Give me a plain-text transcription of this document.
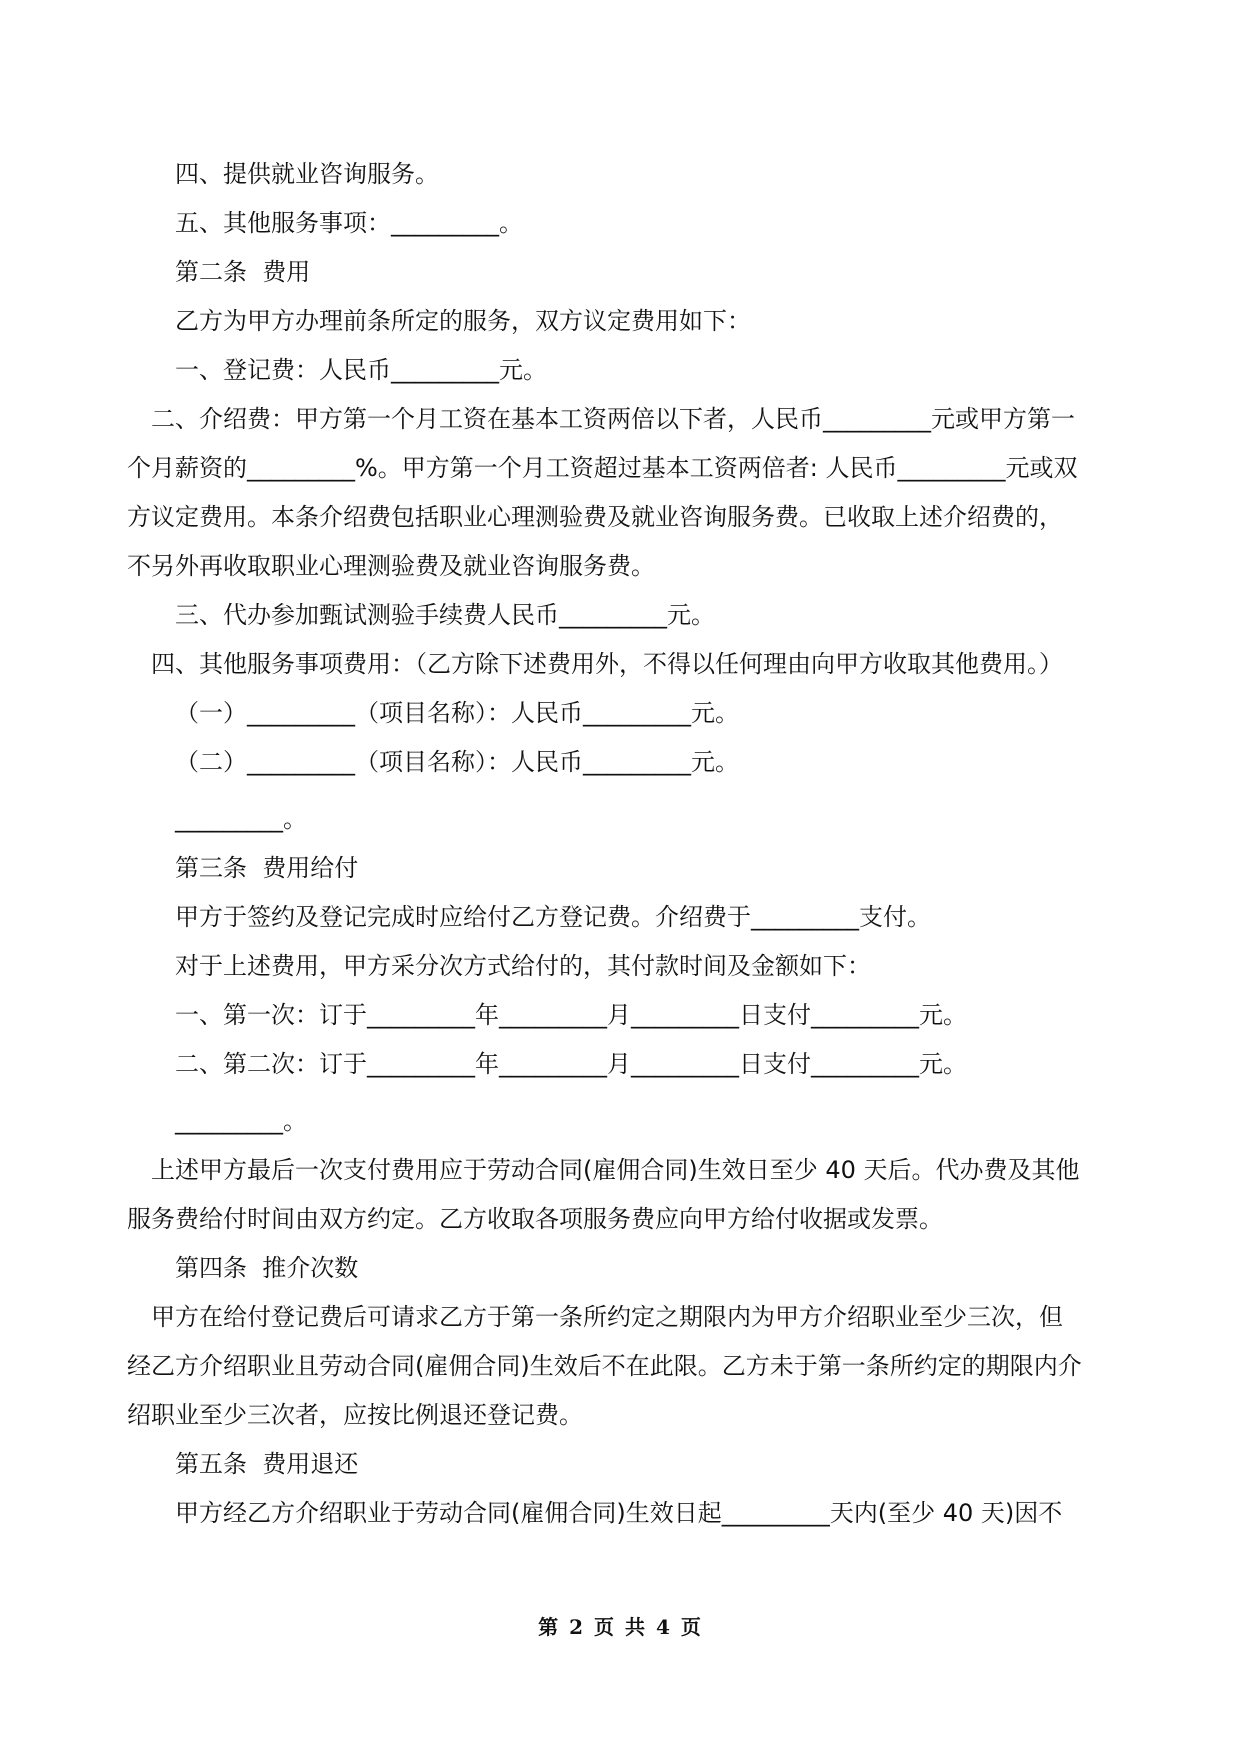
四、提供就业咨询服务。

五、其他服务事项：_________。

第二条  费用

乙方为甲方办理前条所定的服务，双方议定费用如下：

一、登记费：人民币_________元。

二、介绍费：甲方第一个月工资在基本工资两倍以下者，人民币_________元或甲方第一个月薪资的_________%。甲方第一个月工资超过基本工资两倍者: 人民币_________元或双方议定费用。本条介绍费包括职业心理测验费及就业咨询服务费。已收取上述介绍费的，不另外再收取职业心理测验费及就业咨询服务费。

三、代办参加甄试测验手续费人民币_________元。

四、其他服务事项费用：（乙方除下述费用外，不得以任何理由向甲方收取其他费用。）

（一）_________（项目名称）：人民币_________元。

（二）_________（项目名称）：人民币_________元。

_________。

第三条  费用给付

甲方于签约及登记完成时应给付乙方登记费。介绍费于_________支付。

对于上述费用，甲方采分次方式给付的，其付款时间及金额如下：

一、第一次：订于_________年_________月_________日支付_________元。

二、第二次：订于_________年_________月_________日支付_________元。

_________。

上述甲方最后一次支付费用应于劳动合同(雇佣合同)生效日至少 40 天后。代办费及其他服务费给付时间由双方约定。乙方收取各项服务费应向甲方给付收据或发票。

第四条  推介次数

甲方在给付登记费后可请求乙方于第一条所约定之期限内为甲方介绍职业至少三次，但经乙方介绍职业且劳动合同(雇佣合同)生效后不在此限。乙方未于第一条所约定的期限内介绍职业至少三次者，应按比例退还登记费。

第五条  费用退还

甲方经乙方介绍职业于劳动合同(雇佣合同)生效日起_________天内(至少 40 天)因不

第 2 页 共 4 页
